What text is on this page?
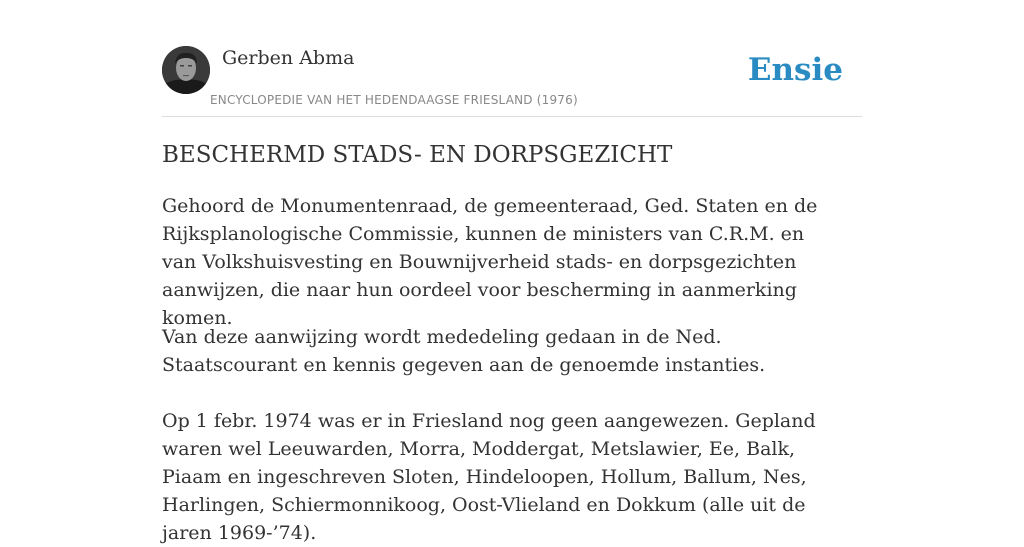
Gerben Abma
ENCYCLOPEDIE VAN HET HEDENDAAGSE FRIESLAND (1976)
Ensie
BESCHERMD STADS- EN DORPSGEZICHT

Gehoord de Monumentenraad, de gemeenteraad, Ged. Staten en de Rijksplanologische Commissie, kunnen de ministers van C.R.M. en van Volkshuisvesting en Bouwnijverheid stads- en dorpsgezichten aanwijzen, die naar hun oordeel voor bescherming in aanmerking komen.

Van deze aanwijzing wordt mededeling gedaan in de Ned. Staatscourant en kennis gegeven aan de genoemde instanties.

Op 1 febr. 1974 was er in Friesland nog geen aangewezen. Gepland waren wel Leeuwarden, Morra, Moddergat, Metslawier, Ee, Balk, Piaam en ingeschreven Sloten, Hindeloopen, Hollum, Ballum, Nes, Harlingen, Schiermonnikoog, Oost-Vlieland en Dokkum (alle uit de jaren 1969-’74).
